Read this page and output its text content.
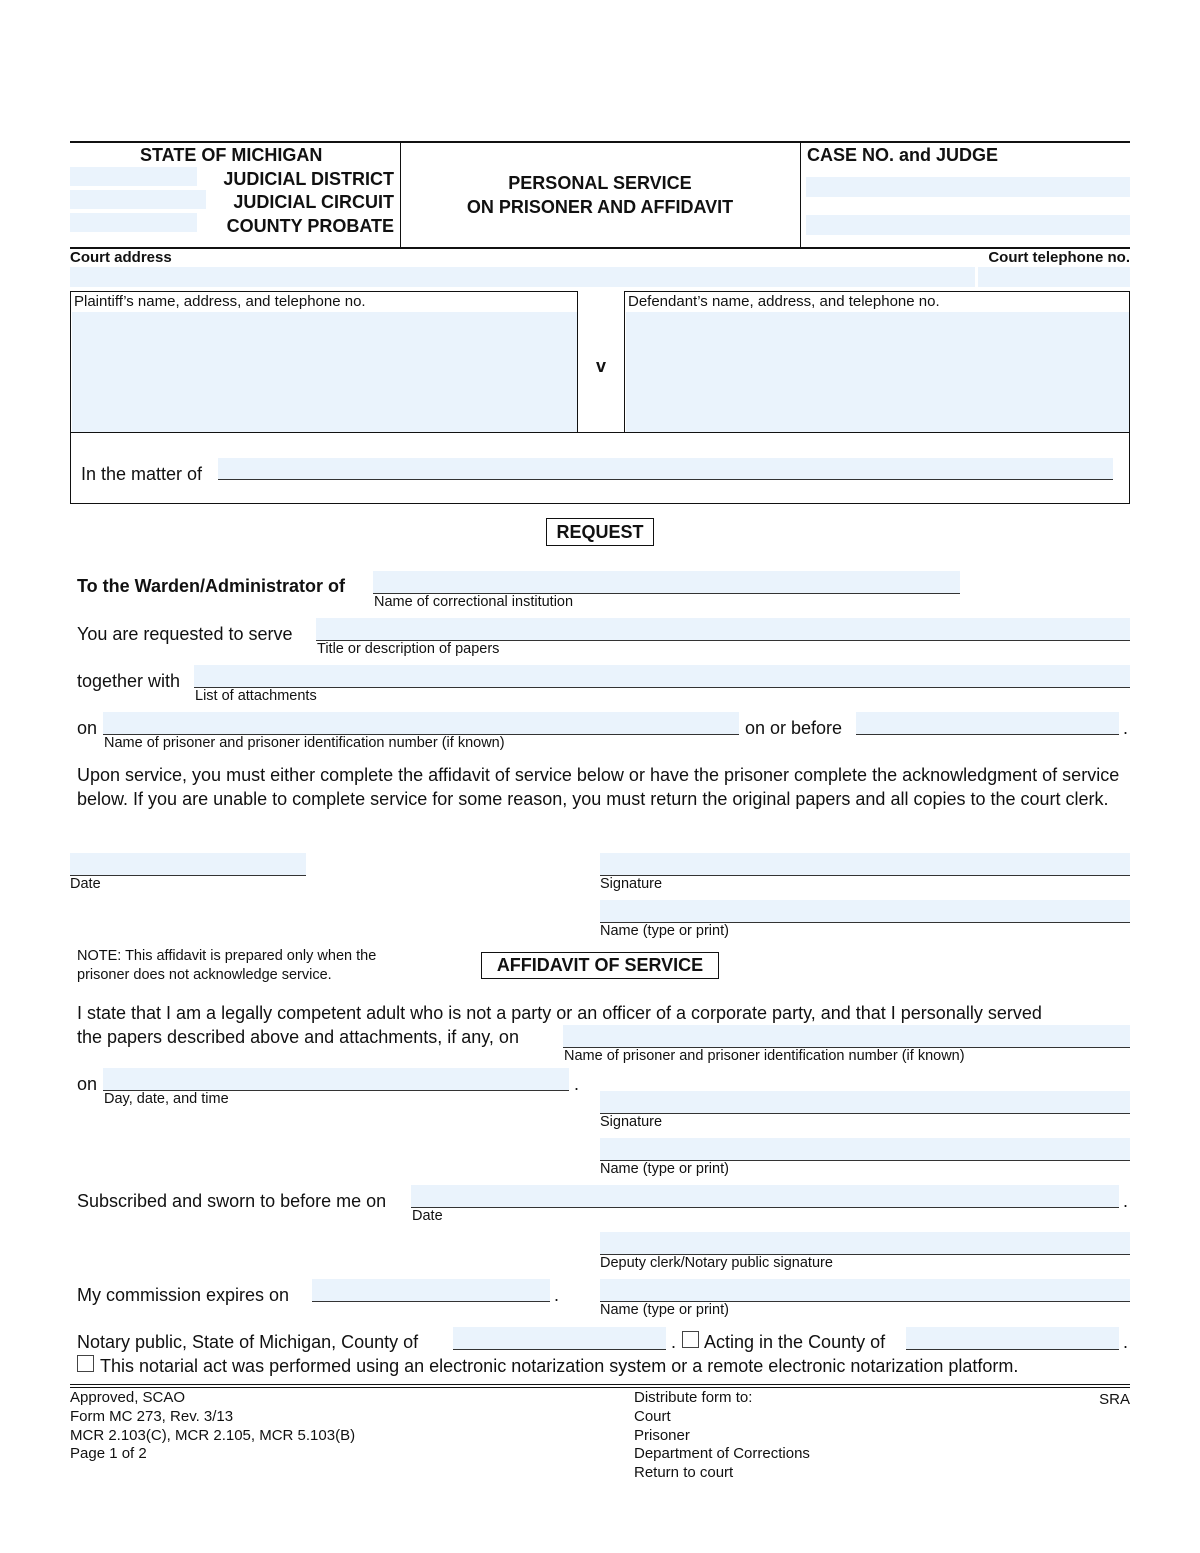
STATE OF MICHIGAN
JUDICIAL DISTRICT
JUDICIAL CIRCUIT
COUNTY PROBATE
PERSONAL SERVICE
ON PRISONER AND AFFIDAVIT
CASE NO. and JUDGE
Court address	Court telephone no.
Plaintiff’s name, address, and telephone no.
v
Defendant’s name, address, and telephone no.
In the matter of
REQUEST
To the Warden/Administrator of
Name of correctional institution
You are requested to serve
Title or description of papers
together with
List of attachments
on
Name of prisoner and prisoner identification number (if known)
on or before	.
Upon service, you must either complete the affidavit of service below or have the prisoner complete the acknowledgment of service below. If you are unable to complete service for some reason, you must return the original papers and all copies to the court clerk.
Date	Signature
Name (type or print)
NOTE: This affidavit is prepared only when the prisoner does not acknowledge service.	AFFIDAVIT OF SERVICE
I state that I am a legally competent adult who is not a party or an officer of a corporate party, and that I personally served
the papers described above and attachments, if any, on
Name of prisoner and prisoner identification number (if known)
on
Day, date, and time
.
Signature
Name (type or print)
Subscribed and sworn to before me on
Date
.
Deputy clerk/Notary public signature
My commission expires on	.
Name (type or print)
Notary public, State of Michigan, County of	. Acting in the County of	.
This notarial act was performed using an electronic notarization system or a remote electronic notarization platform.
Approved, SCAO
Form MC 273, Rev. 3/13
MCR 2.103(C), MCR 2.105, MCR 5.103(B)
Page 1 of 2
Distribute form to:
Court
Prisoner
Department of Corrections
Return to court
SRA
